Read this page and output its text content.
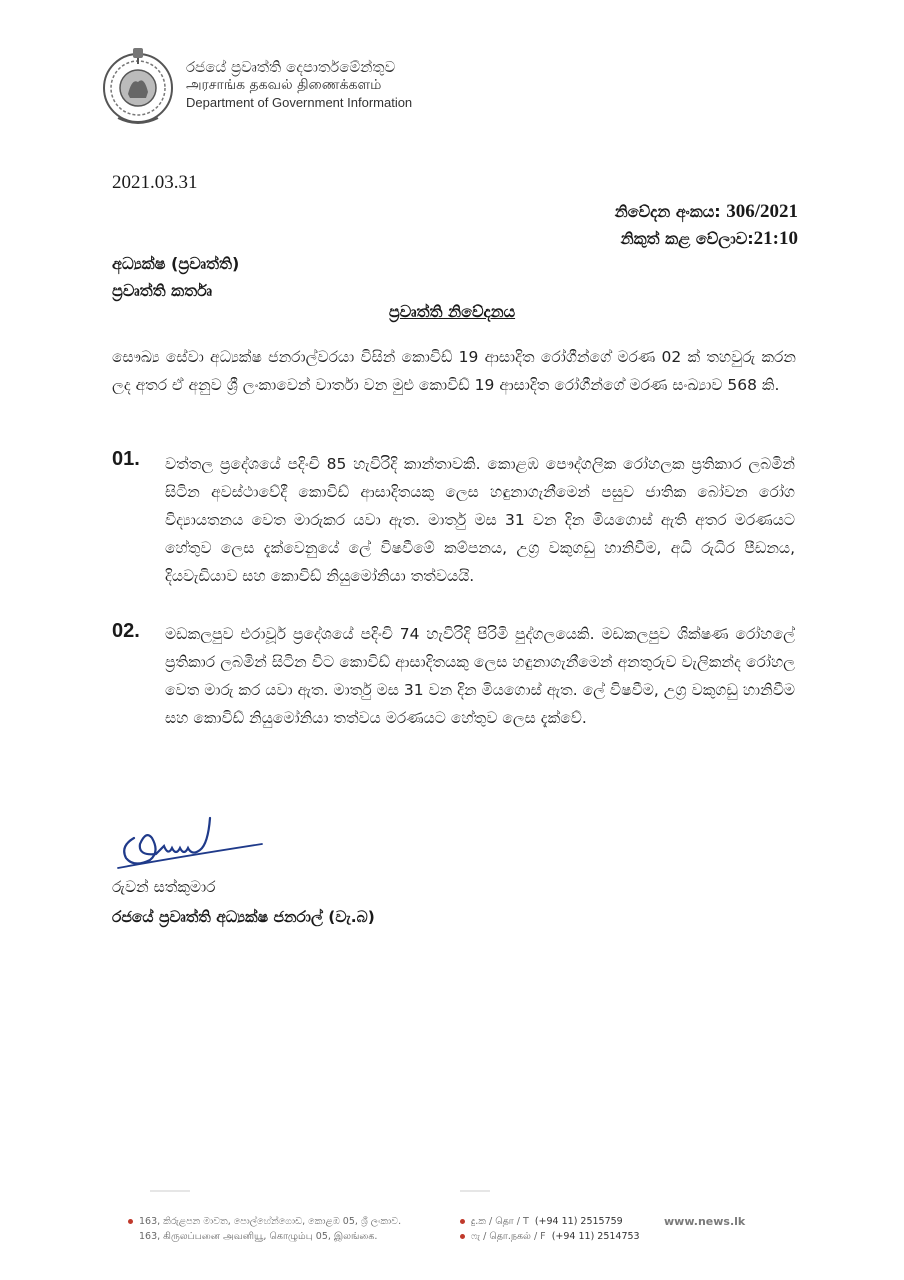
රජයේ ප්‍රවෘත්ති දෙපාර්තමේන්තුව
அரசாங்க தகவல் திணைக்களம்
Department of Government Information
2021.03.31
නිවේදන අංකය: 306/2021
නිකුත් කළ වේලාව:21:10
අධ්‍යක්ෂ (ප්‍රවෘත්ති)
ප්‍රවෘත්ති කර්තෘ
ප්‍රවෘත්ති නිවේදනය
සෞඛ්‍ය සේවා අධ්‍යක්ෂ ජනරාල්වරයා විසින් කොවිඩ් 19 ආසාදිත රෝගීන්ගේ මරණ 02 ක් තහවුරු කරන ලද අතර ඒ අනුව ශ්‍රී ලංකාවෙන් වාර්තා වන මුළු කොවිඩ් 19 ආසාදිත රෝගීන්ගේ මරණ සංඛ්‍යාව 568 කි.
01. වත්තල ප්‍රදේශයේ පදිංචි 85 හැවිරිදි කාන්තාවකි. කොළඹ පෞද්ගලික රෝහලක ප්‍රතිකාර ලබමින් සිටින අවස්ථාවේදී කොවිඩ් ආසාදිතයකු ලෙස හඳුනාගැනීමෙන් පසුව ජාතික බෝවන රෝග විද්‍යායතනය වෙත මාරුකර යවා ඇත. මාර්තු මස 31 වන දින මියගොස් ඇති අතර මරණයට හේතුව ලෙස දැක්වෙනුයේ ලේ විෂවීමේ කම්පනය, උග්‍ර වකුගඩු හානිවීම, අධි රුධිර පීඩනය, දියවැඩියාව සහ කොවිඩ් නියුමෝනියා තත්වයයි.
02. මඩකලපුව එරාවූර් ප්‍රදේශයේ පදිංචි 74 හැවිරිදි පිරිමි පුද්ගලයෙකි. මඩකලපුව ශික්ෂණ රෝහලේ ප්‍රතිකාර ලබමින් සිටින විට කොවිඩ් ආසාදිතයකු ලෙස හඳුනාගැනීමෙන් අනතුරුව වැලිකන්ද රෝහල වෙත මාරු කර යවා ඇත. මාර්තු මස 31 වන දින මියගොස් ඇත. ලේ විෂවීම, උග්‍ර වකුගඩු හානිවීම සහ කොවිඩ් නියුමෝනියා තත්වය මරණයට හේතුව ලෙස දැක්වේ.
රුවන් සත්කුමාර
රජයේ ප්‍රවෘත්ති අධ්‍යක්ෂ ජනරාල් (වැ.බ)
163, කිරුළපන මාවත, පොල්හේන්ගොඩ, කොළඹ 05, ශ්‍රී ලංකාව.
163, கிருலப்பனை அவனியூ, கொழும்பு 05, இலங்கை.
දු.ක / தொ / T (+94 11) 2515759
ෆැ / தொ.நகல் / F (+94 11) 2514753
www.news.lk
